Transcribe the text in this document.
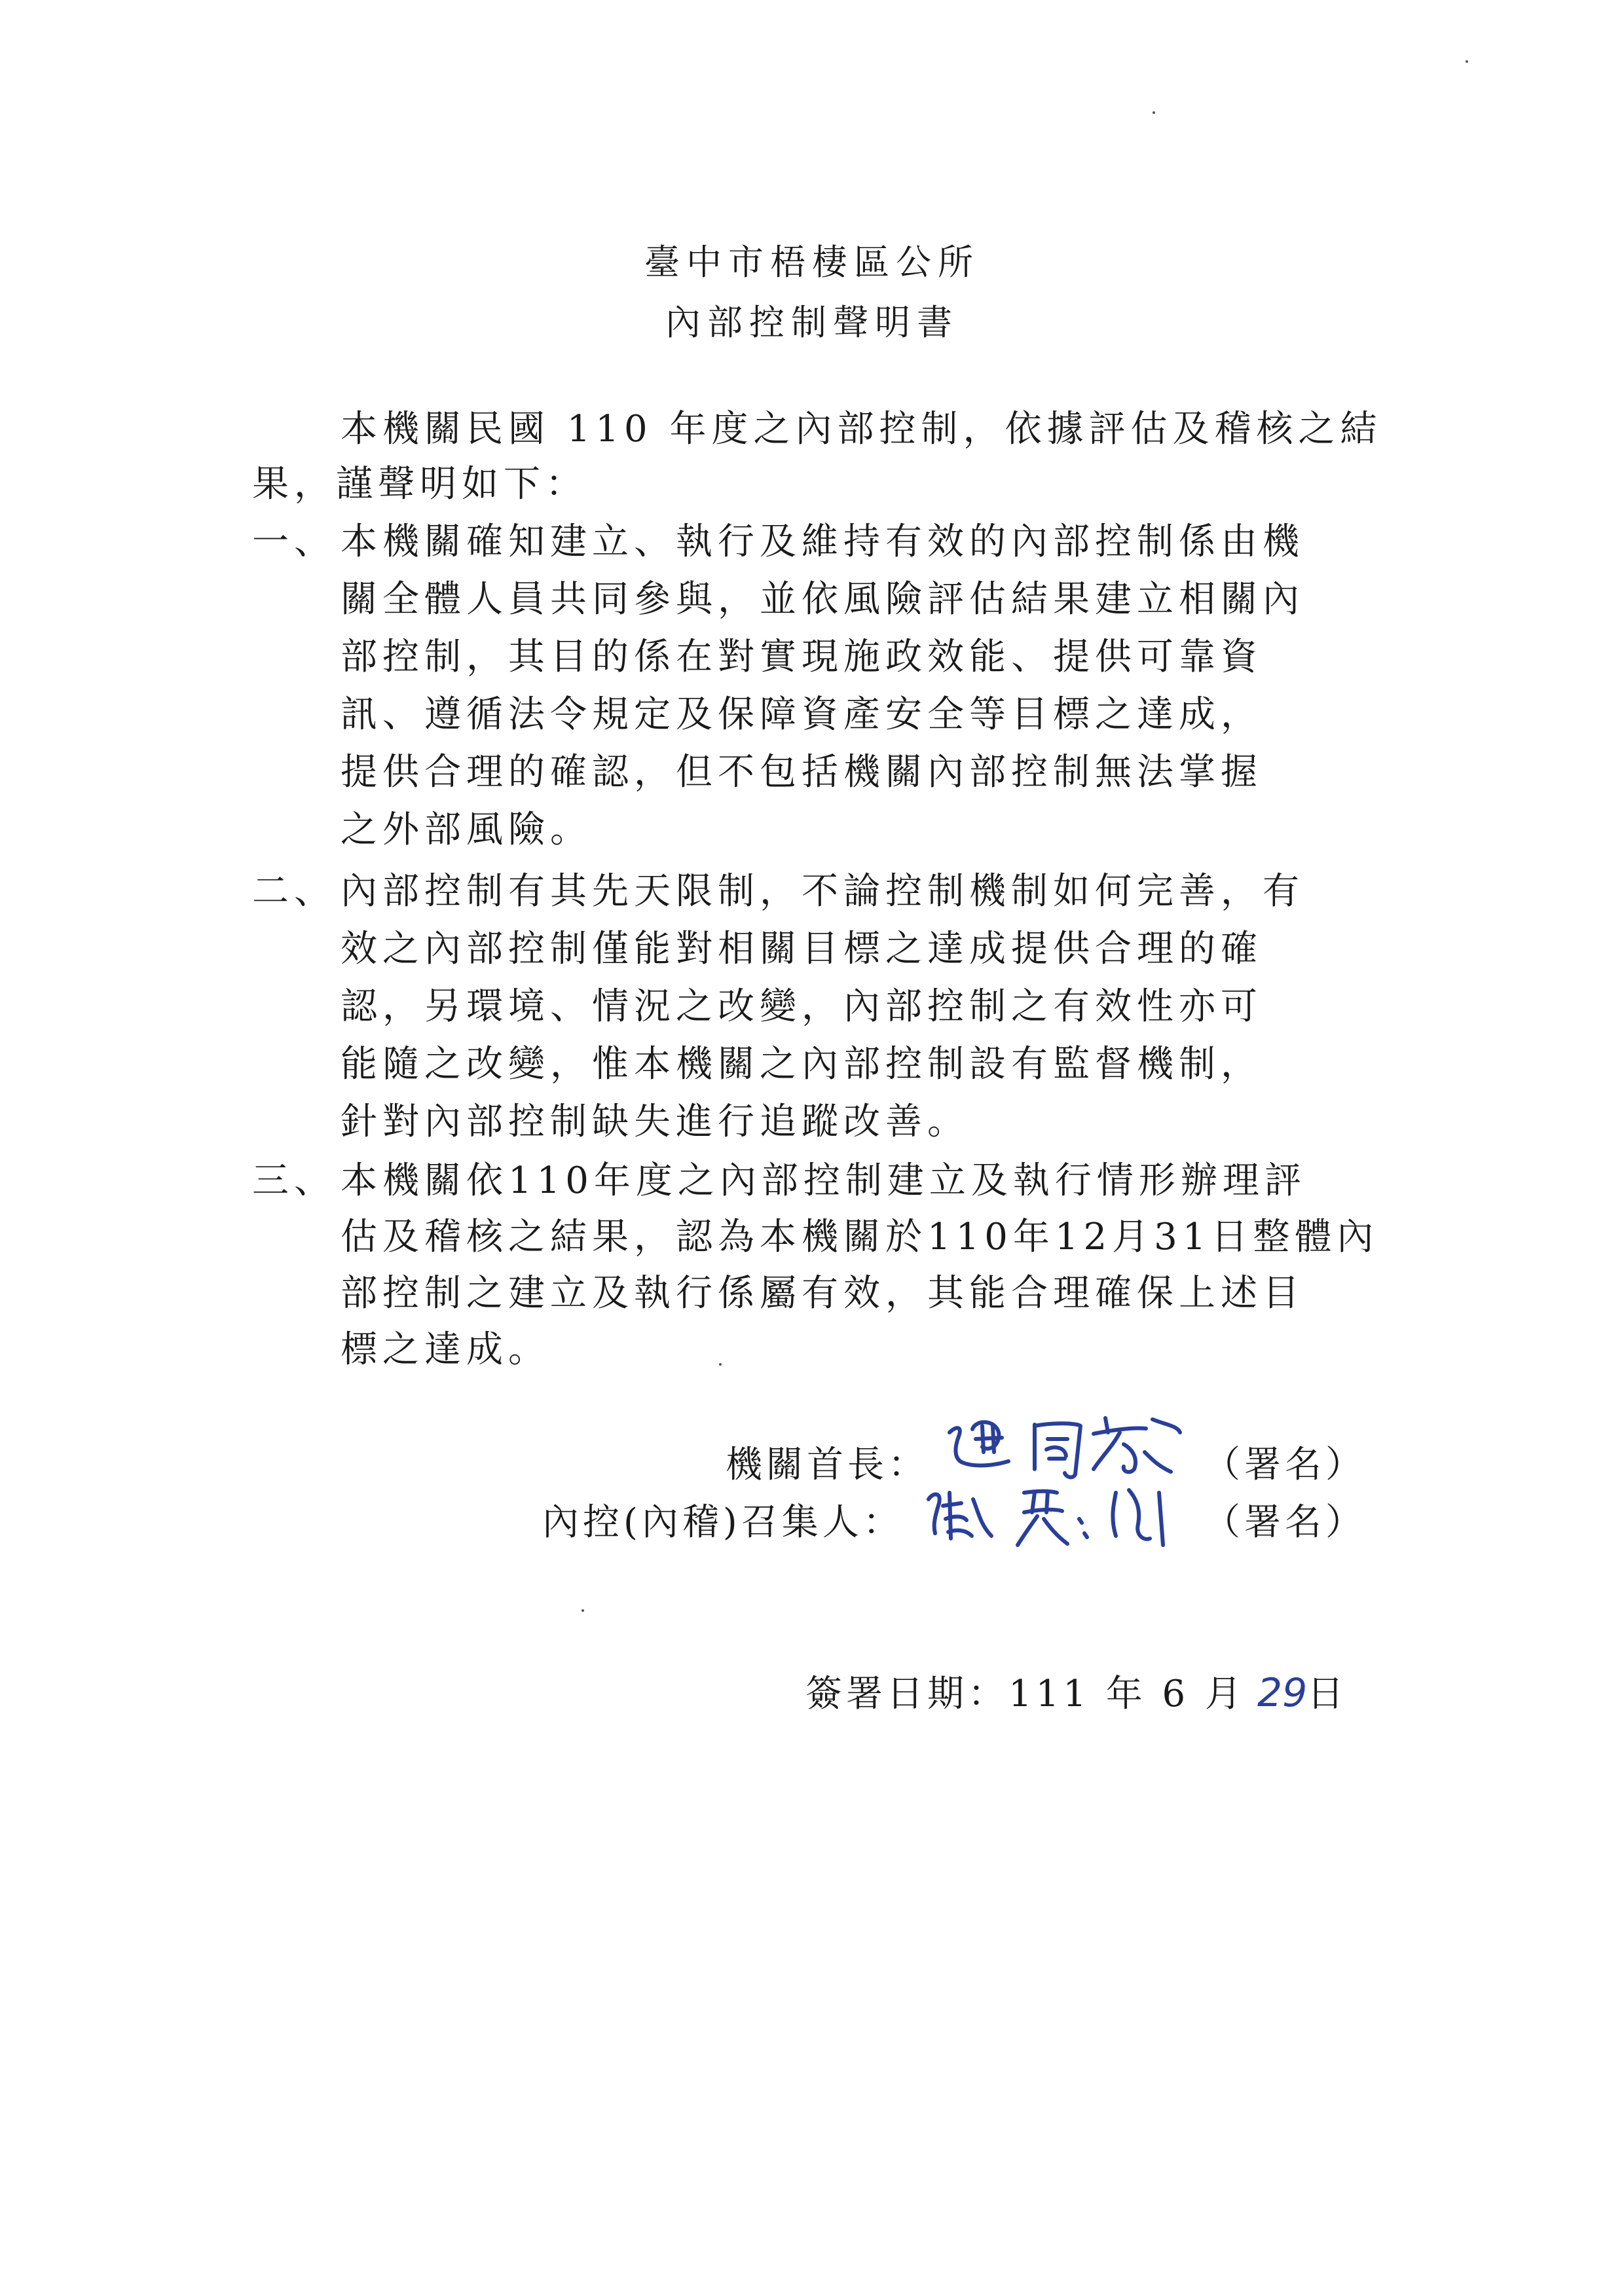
臺中市梧棲區公所
內部控制聲明書
本機關民國 110 年度之內部控制，依據評估及稽核之結
果，謹聲明如下：
一、 本機關確知建立、執行及維持有效的內部控制係由機
關全體人員共同參與，並依風險評估結果建立相關內
部控制，其目的係在對實現施政效能、提供可靠資
訊、遵循法令規定及保障資產安全等目標之達成，
提供合理的確認，但不包括機關內部控制無法掌握
之外部風險。
二、 內部控制有其先天限制，不論控制機制如何完善，有
效之內部控制僅能對相關目標之達成提供合理的確
認，另環境、情況之改變，內部控制之有效性亦可
能隨之改變，惟本機關之內部控制設有監督機制，
針對內部控制缺失進行追蹤改善。
三、 本機關依110年度之內部控制建立及執行情形辦理評
估及稽核之結果，認為本機關於110年12月31日整體內
部控制之建立及執行係屬有效，其能合理確保上述目
標之達成。
機關首長：	（署名）
內控(內稽)召集人：	（署名）
簽署日期：111 年 6 月 29 日
